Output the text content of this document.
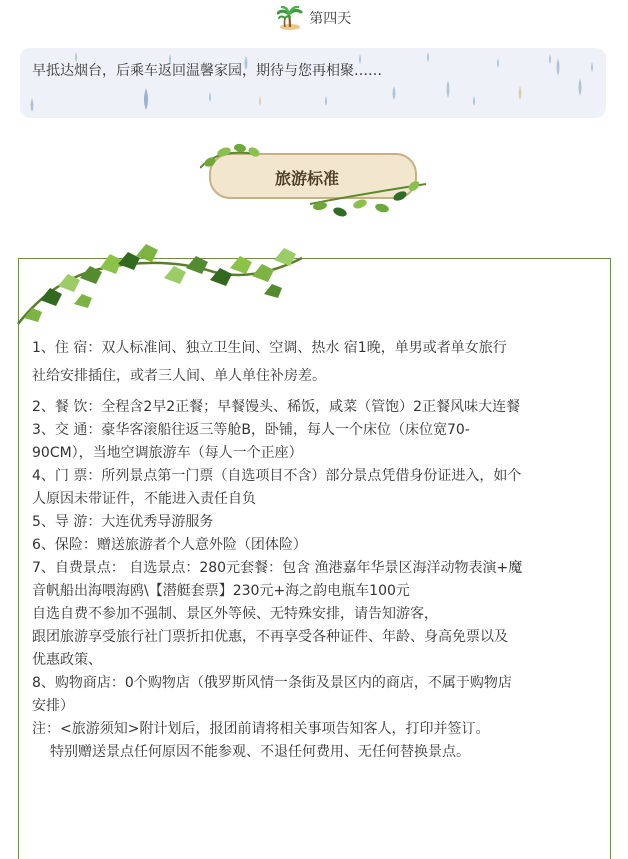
第四天

早抵达烟台，后乘车返回温馨家园，期待与您再相聚……

旅游标准

1、住 宿：双人标准间、独立卫生间、空调、热水 宿1晚，单男或者单女旅行

社给安排插住，或者三人间、单人单住补房差。

2、餐 饮：全程含2早2正餐；早餐馒头、稀饭，咸菜（管饱）2正餐风味大连餐

3、交 通：豪华客滚船往返三等舱B，卧铺，每人一个床位（床位宽70-

90CM），当地空调旅游车（每人一个正座）

4、门 票：所列景点第一门票（自选项目不含）部分景点凭借身份证进入，如个

人原因未带证件，不能进入责任自负

5、导 游：大连优秀导游服务

6、保险：赠送旅游者个人意外险（团体险）

7、自费景点： 自选景点：280元套餐：包含 渔港嘉年华景区海洋动物表演+魔

音帆船出海喂海鸥\【潜艇套票】230元+海之韵电瓶车100元

自选自费不参加不强制、景区外等候、无特殊安排，请告知游客，

跟团旅游享受旅行社门票折扣优惠，不再享受各种证件、年龄、身高免票以及

优惠政策、

8、购物商店：0个购物店（俄罗斯风情一条街及景区内的商店，不属于购物店

安排）

注：<旅游须知>附计划后，报团前请将相关事项告知客人，打印并签订。

特别赠送景点任何原因不能参观、不退任何费用、无任何替换景点。
